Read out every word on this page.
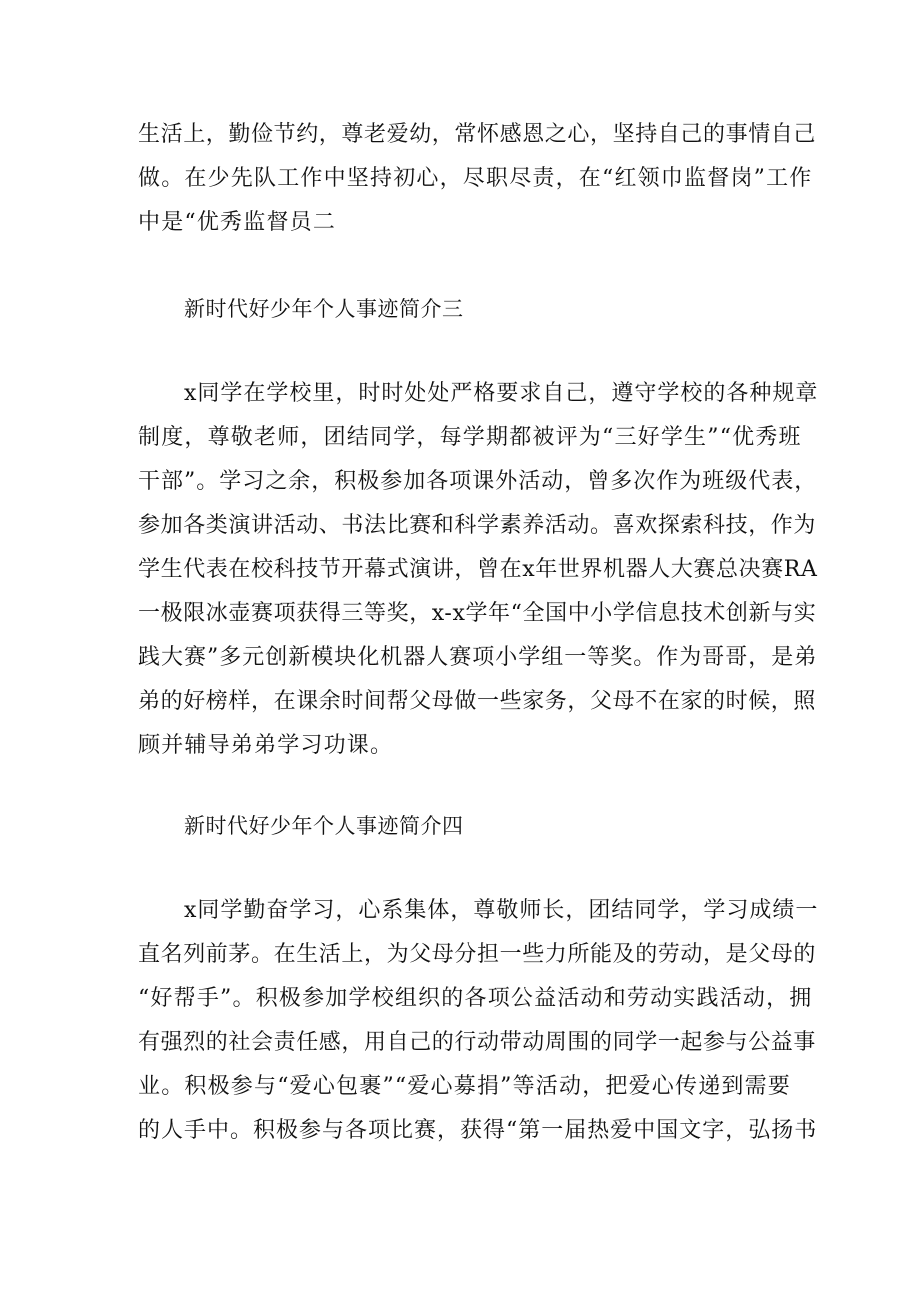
生活上，勤俭节约，尊老爱幼，常怀感恩之心，坚持自己的事情自己
做。在少先队工作中坚持初心，尽职尽责，在“红领巾监督岗”工作
中是“优秀监督员二
新时代好少年个人事迹简介三
x同学在学校里，时时处处严格要求自己，遵守学校的各种规章
制度，尊敬老师，团结同学，每学期都被评为“三好学生”“优秀班
干部”。学习之余，积极参加各项课外活动，曾多次作为班级代表，
参加各类演讲活动、书法比赛和科学素养活动。喜欢探索科技，作为
学生代表在校科技节开幕式演讲，曾在x年世界机器人大赛总决赛RA
一极限冰壶赛项获得三等奖，x-x学年“全国中小学信息技术创新与实
践大赛”多元创新模块化机器人赛项小学组一等奖。作为哥哥，是弟
弟的好榜样，在课余时间帮父母做一些家务，父母不在家的时候，照
顾并辅导弟弟学习功课。
新时代好少年个人事迹简介四
x同学勤奋学习，心系集体，尊敬师长，团结同学，学习成绩一
直名列前茅。在生活上，为父母分担一些力所能及的劳动，是父母的
“好帮手”。积极参加学校组织的各项公益活动和劳动实践活动，拥
有强烈的社会责任感，用自己的行动带动周围的同学一起参与公益事
业。积极参与“爱心包裹”“爱心募捐”等活动，把爱心传递到需要
的人手中。积极参与各项比赛，获得“第一届热爱中国文字，弘扬书
